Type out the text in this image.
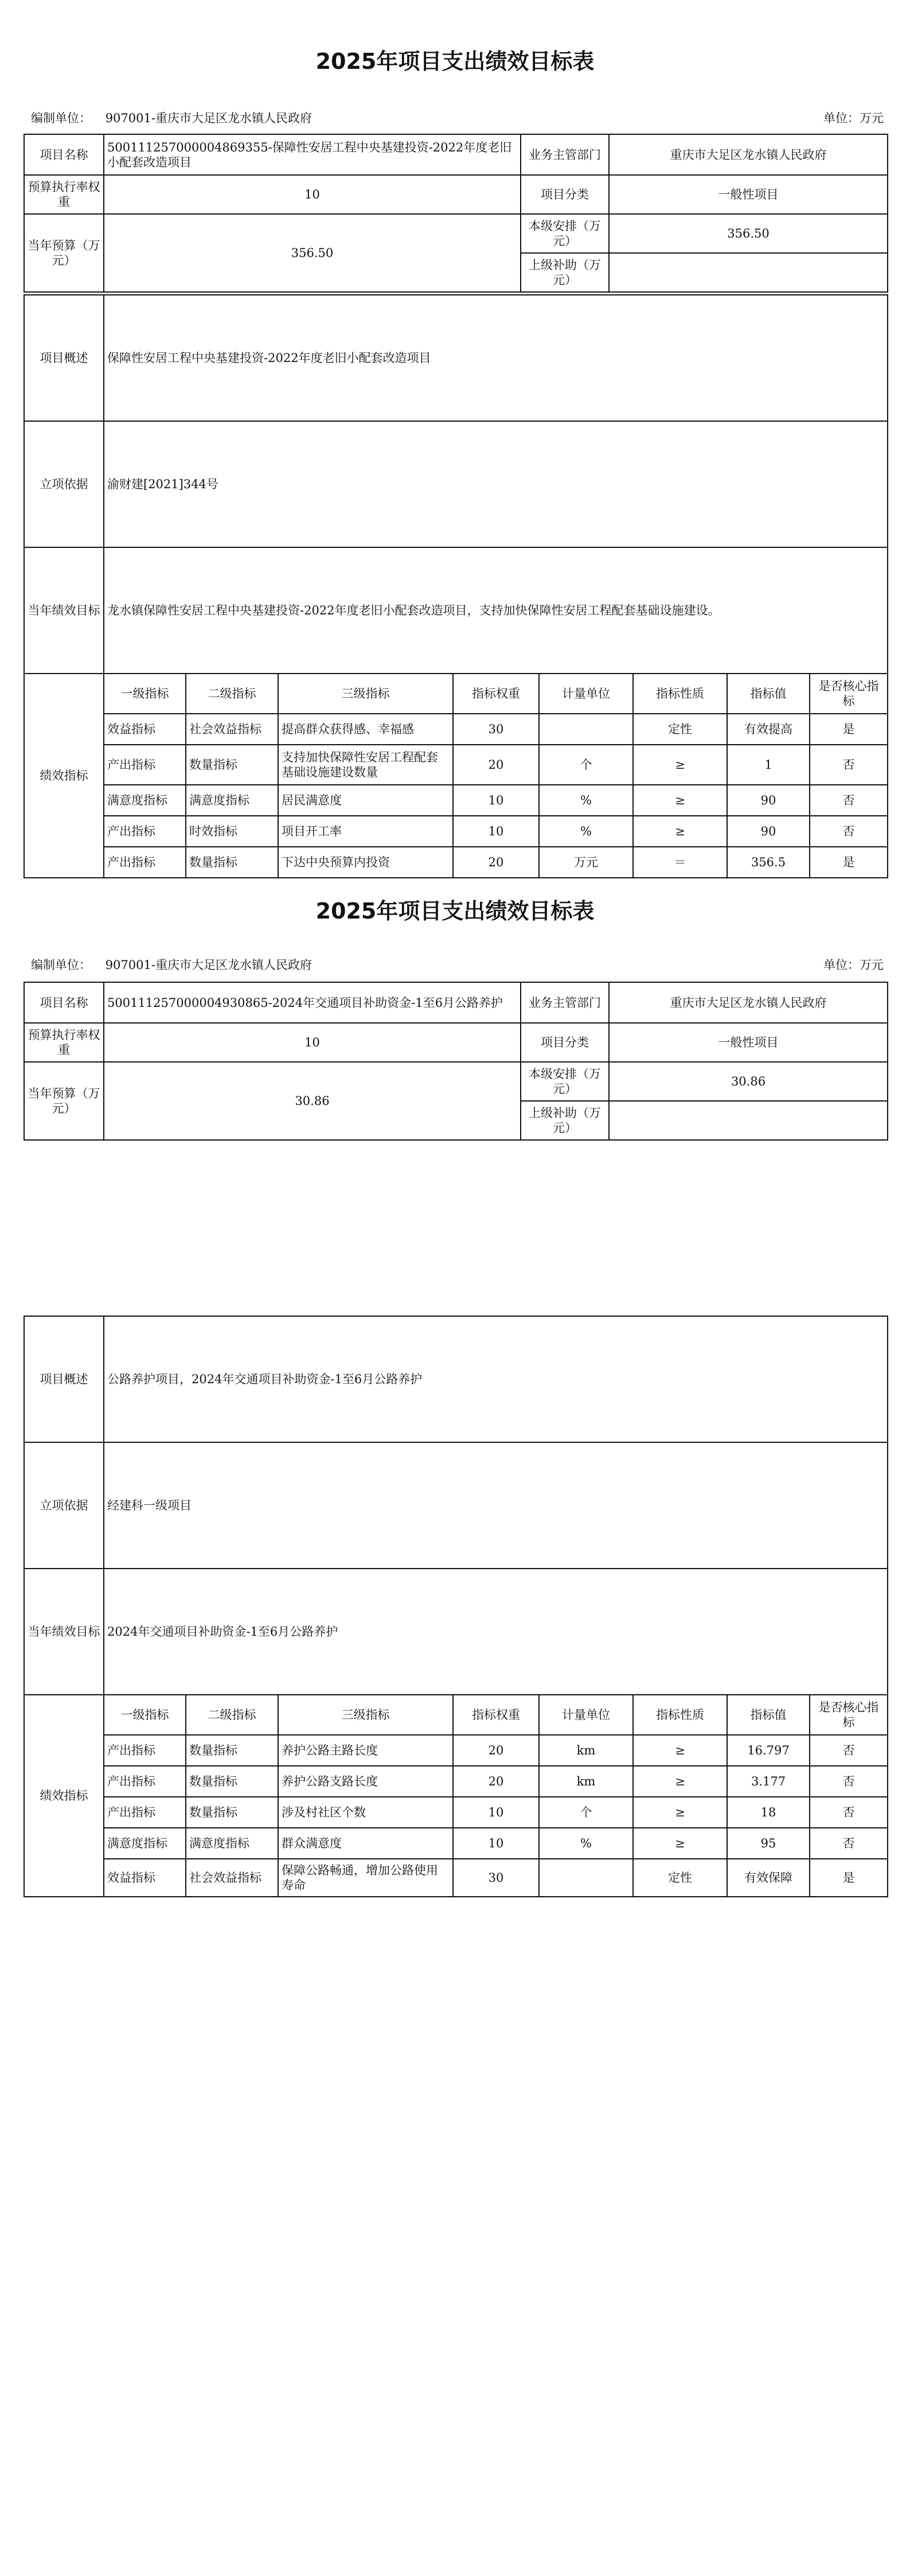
2025年项目支出绩效目标表
编制单位： 907001-重庆市大足区龙水镇人民政府	单位：万元
项目名称	500111257000004869355-保障性安居工程中央基建投资-2022年度老旧小配套改造项目	业务主管部门	重庆市大足区龙水镇人民政府
预算执行率权重	10	项目分类	一般性项目
当年预算（万元）	356.50	本级安排（万元）	356.50
		上级补助（万元）	
项目概述	保障性安居工程中央基建投资-2022年度老旧小配套改造项目
立项依据	渝财建[2021]344号
当年绩效目标	龙水镇保障性安居工程中央基建投资-2022年度老旧小配套改造项目，支持加快保障性安居工程配套基础设施建设。
绩效指标	一级指标	二级指标	三级指标	指标权重	计量单位	指标性质	指标值	是否核心指标
	效益指标	社会效益指标	提高群众获得感、幸福感	30		定性	有效提高	是
	产出指标	数量指标	支持加快保障性安居工程配套基础设施建设数量	20	个	≥	1	否
	满意度指标	满意度指标	居民满意度	10	%	≥	90	否
	产出指标	时效指标	项目开工率	10	%	≥	90	否
	产出指标	数量指标	下达中央预算内投资	20	万元	＝	356.5	是
2025年项目支出绩效目标表
编制单位： 907001-重庆市大足区龙水镇人民政府	单位：万元
项目名称	500111257000004930865-2024年交通项目补助资金-1至6月公路养护	业务主管部门	重庆市大足区龙水镇人民政府
预算执行率权重	10	项目分类	一般性项目
当年预算（万元）	30.86	本级安排（万元）	30.86
		上级补助（万元）	
项目概述	公路养护项目，2024年交通项目补助资金-1至6月公路养护
立项依据	经建科一级项目
当年绩效目标	2024年交通项目补助资金-1至6月公路养护
绩效指标	一级指标	二级指标	三级指标	指标权重	计量单位	指标性质	指标值	是否核心指标
	产出指标	数量指标	养护公路主路长度	20	km	≥	16.797	否
	产出指标	数量指标	养护公路支路长度	20	km	≥	3.177	否
	产出指标	数量指标	涉及村社区个数	10	个	≥	18	否
	满意度指标	满意度指标	群众满意度	10	%	≥	95	否
	效益指标	社会效益指标	保障公路畅通，增加公路使用寿命	30		定性	有效保障	是
